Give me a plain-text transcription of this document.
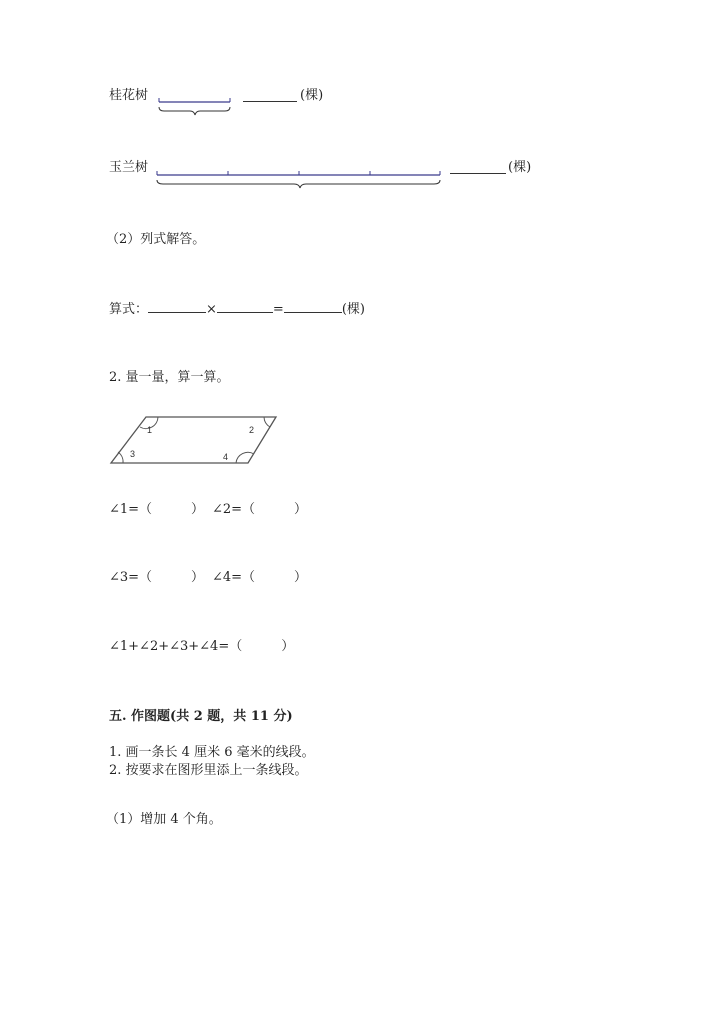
桂花树	(棵)
玉兰树	(棵)
（2）列式解答。
算式：	×	=	(棵)
2. 量一量，算一算。
1	2
3	4
∠1=（　　　） ∠2=（　　　）
∠3=（　　　） ∠4=（　　　）
∠1+∠2+∠3+∠4=（　　　）
五. 作图题(共 2 题，共 11 分)
1. 画一条长 4 厘米 6 毫米的线段。
2. 按要求在图形里添上一条线段。
（1）增加 4 个角。
